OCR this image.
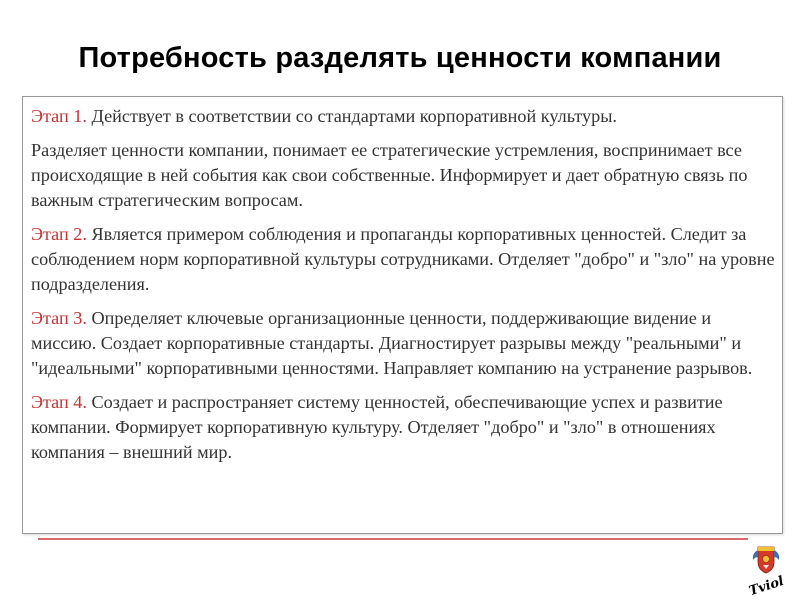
Потребность разделять ценности компании

Этап 1. Действует в соответствии со стандартами корпоративной культуры.

Разделяет ценности компании, понимает ее стратегические устремления, воспринимает все происходящие в ней события как свои собственные. Информирует и дает обратную связь по важным стратегическим вопросам.

Этап 2. Является примером соблюдения и пропаганды корпоративных ценностей. Следит за соблюдением норм корпоративной культуры сотрудниками. Отделяет "добро" и "зло" на уровне подразделения.

Этап 3. Определяет ключевые организационные ценности, поддерживающие видение и миссию. Создает корпоративные стандарты. Диагностирует разрывы между "реальными" и "идеальными" корпоративными ценностями. Направляет компанию на устранение разрывов.

Этап 4. Создает и распространяет систему ценностей, обеспечивающие успех и развитие компании. Формирует корпоративную культуру. Отделяет "добро" и "зло" в отношениях компания – внешний мир.

Tviol
